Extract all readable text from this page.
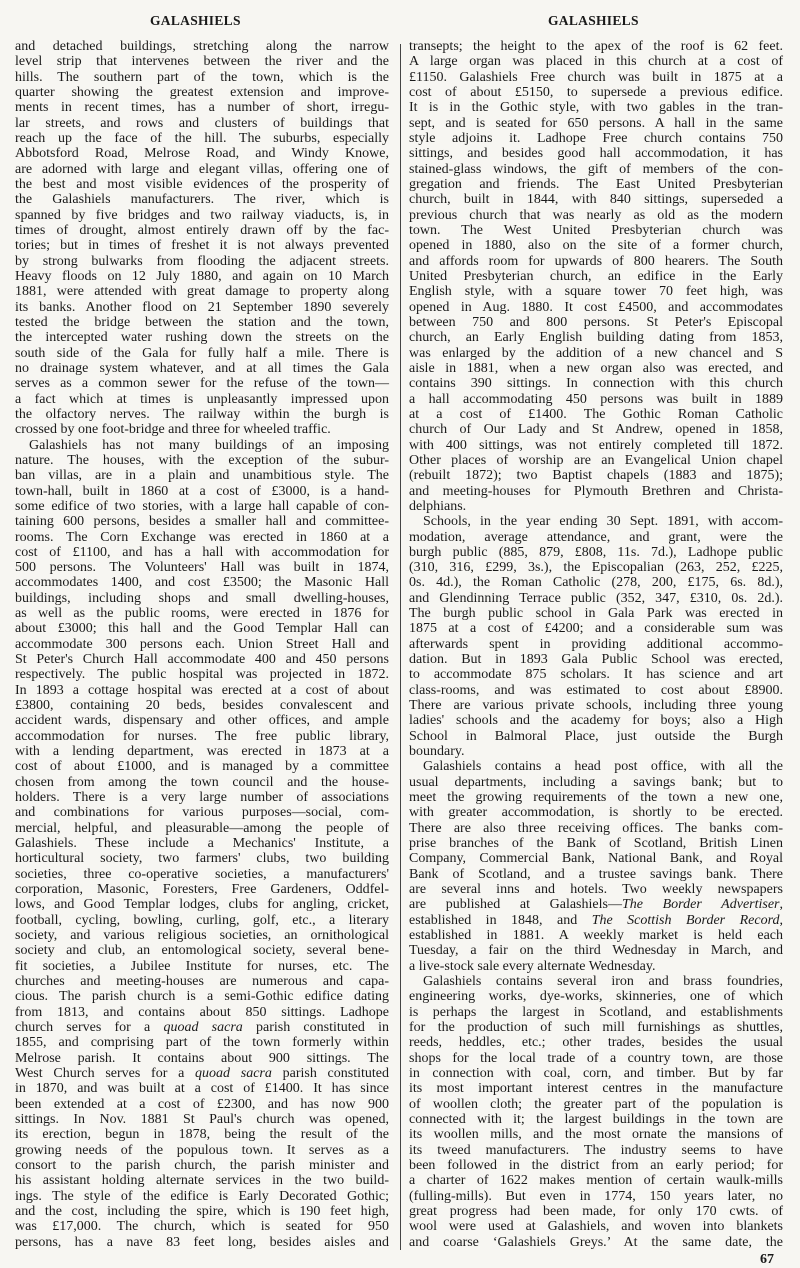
GALASHIELS	GALASHIELS
and detached buildings, stretching along the narrow
level strip that intervenes between the river and the
hills. The southern part of the town, which is the
quarter showing the greatest extension and improve-
ments in recent times, has a number of short, irregu-
lar streets, and rows and clusters of buildings that
reach up the face of the hill. The suburbs, especially
Abbotsford Road, Melrose Road, and Windy Knowe,
are adorned with large and elegant villas, offering one of
the best and most visible evidences of the prosperity of
the Galashiels manufacturers. The river, which is
spanned by five bridges and two railway viaducts, is, in
times of drought, almost entirely drawn off by the fac-
tories; but in times of freshet it is not always prevented
by strong bulwarks from flooding the adjacent streets.
Heavy floods on 12 July 1880, and again on 10 March
1881, were attended with great damage to property along
its banks. Another flood on 21 September 1890 severely
tested the bridge between the station and the town,
the intercepted water rushing down the streets on the
south side of the Gala for fully half a mile. There is
no drainage system whatever, and at all times the Gala
serves as a common sewer for the refuse of the town—
a fact which at times is unpleasantly impressed upon
the olfactory nerves. The railway within the burgh is
crossed by one foot-bridge and three for wheeled traffic.
Galashiels has not many buildings of an imposing
nature. The houses, with the exception of the subur-
ban villas, are in a plain and unambitious style. The
town-hall, built in 1860 at a cost of £3000, is a hand-
some edifice of two stories, with a large hall capable of con-
taining 600 persons, besides a smaller hall and committee-
rooms. The Corn Exchange was erected in 1860 at a
cost of £1100, and has a hall with accommodation for
500 persons. The Volunteers' Hall was built in 1874,
accommodates 1400, and cost £3500; the Masonic Hall
buildings, including shops and small dwelling-houses,
as well as the public rooms, were erected in 1876 for
about £3000; this hall and the Good Templar Hall can
accommodate 300 persons each. Union Street Hall and
St Peter's Church Hall accommodate 400 and 450 persons
respectively. The public hospital was projected in 1872.
In 1893 a cottage hospital was erected at a cost of about
£3800, containing 20 beds, besides convalescent and
accident wards, dispensary and other offices, and ample
accommodation for nurses. The free public library,
with a lending department, was erected in 1873 at a
cost of about £1000, and is managed by a committee
chosen from among the town council and the house-
holders. There is a very large number of associations
and combinations for various purposes—social, com-
mercial, helpful, and pleasurable—among the people of
Galashiels. These include a Mechanics' Institute, a
horticultural society, two farmers' clubs, two building
societies, three co-operative societies, a manufacturers'
corporation, Masonic, Foresters, Free Gardeners, Oddfel-
lows, and Good Templar lodges, clubs for angling, cricket,
football, cycling, bowling, curling, golf, etc., a literary
society, and various religious societies, an ornithological
society and club, an entomological society, several bene-
fit societies, a Jubilee Institute for nurses, etc. The
churches and meeting-houses are numerous and capa-
cious. The parish church is a semi-Gothic edifice dating
from 1813, and contains about 850 sittings. Ladhope
church serves for a quoad sacra parish constituted in
1855, and comprising part of the town formerly within
Melrose parish. It contains about 900 sittings. The
West Church serves for a quoad sacra parish constituted
in 1870, and was built at a cost of £1400. It has since
been extended at a cost of £2300, and has now 900
sittings. In Nov. 1881 St Paul's church was opened,
its erection, begun in 1878, being the result of the
growing needs of the populous town. It serves as a
consort to the parish church, the parish minister and
his assistant holding alternate services in the two build-
ings. The style of the edifice is Early Decorated Gothic;
and the cost, including the spire, which is 190 feet high,
was £17,000. The church, which is seated for 950
persons, has a nave 83 feet long, besides aisles and
transepts; the height to the apex of the roof is 62 feet.
A large organ was placed in this church at a cost of
£1150. Galashiels Free church was built in 1875 at a
cost of about £5150, to supersede a previous edifice.
It is in the Gothic style, with two gables in the tran-
sept, and is seated for 650 persons. A hall in the same
style adjoins it. Ladhope Free church contains 750
sittings, and besides good hall accommodation, it has
stained-glass windows, the gift of members of the con-
gregation and friends. The East United Presbyterian
church, built in 1844, with 840 sittings, superseded a
previous church that was nearly as old as the modern
town. The West United Presbyterian church was
opened in 1880, also on the site of a former church,
and affords room for upwards of 800 hearers. The South
United Presbyterian church, an edifice in the Early
English style, with a square tower 70 feet high, was
opened in Aug. 1880. It cost £4500, and accommodates
between 750 and 800 persons. St Peter's Episcopal
church, an Early English building dating from 1853,
was enlarged by the addition of a new chancel and S
aisle in 1881, when a new organ also was erected, and
contains 390 sittings. In connection with this church
a hall accommodating 450 persons was built in 1889
at a cost of £1400. The Gothic Roman Catholic
church of Our Lady and St Andrew, opened in 1858,
with 400 sittings, was not entirely completed till 1872.
Other places of worship are an Evangelical Union chapel
(rebuilt 1872); two Baptist chapels (1883 and 1875);
and meeting-houses for Plymouth Brethren and Christa-
delphians.
Schools, in the year ending 30 Sept. 1891, with accom-
modation, average attendance, and grant, were the
burgh public (885, 879, £808, 11s. 7d.), Ladhope public
(310, 316, £299, 3s.), the Episcopalian (263, 252, £225,
0s. 4d.), the Roman Catholic (278, 200, £175, 6s. 8d.),
and Glendinning Terrace public (352, 347, £310, 0s. 2d.).
The burgh public school in Gala Park was erected in
1875 at a cost of £4200; and a considerable sum was
afterwards spent in providing additional accommo-
dation. But in 1893 Gala Public School was erected,
to accommodate 875 scholars. It has science and art
class-rooms, and was estimated to cost about £8900.
There are various private schools, including three young
ladies' schools and the academy for boys; also a High
School in Balmoral Place, just outside the Burgh
boundary.
Galashiels contains a head post office, with all the
usual departments, including a savings bank; but to
meet the growing requirements of the town a new one,
with greater accommodation, is shortly to be erected.
There are also three receiving offices. The banks com-
prise branches of the Bank of Scotland, British Linen
Company, Commercial Bank, National Bank, and Royal
Bank of Scotland, and a trustee savings bank. There
are several inns and hotels. Two weekly newspapers
are published at Galashiels—The Border Advertiser,
established in 1848, and The Scottish Border Record,
established in 1881. A weekly market is held each
Tuesday, a fair on the third Wednesday in March, and
a live-stock sale every alternate Wednesday.
Galashiels contains several iron and brass foundries,
engineering works, dye-works, skinneries, one of which
is perhaps the largest in Scotland, and establishments
for the production of such mill furnishings as shuttles,
reeds, heddles, etc.; other trades, besides the usual
shops for the local trade of a country town, are those
in connection with coal, corn, and timber. But by far
its most important interest centres in the manufacture
of woollen cloth; the greater part of the population is
connected with it; the largest buildings in the town are
its woollen mills, and the most ornate the mansions of
its tweed manufacturers. The industry seems to have
been followed in the district from an early period; for
a charter of 1622 makes mention of certain waulk-mills
(fulling-mills). But even in 1774, 150 years later, no
great progress had been made, for only 170 cwts. of
wool were used at Galashiels, and woven into blankets
and coarse ‘Galashiels Greys.’ At the same date, the
67
